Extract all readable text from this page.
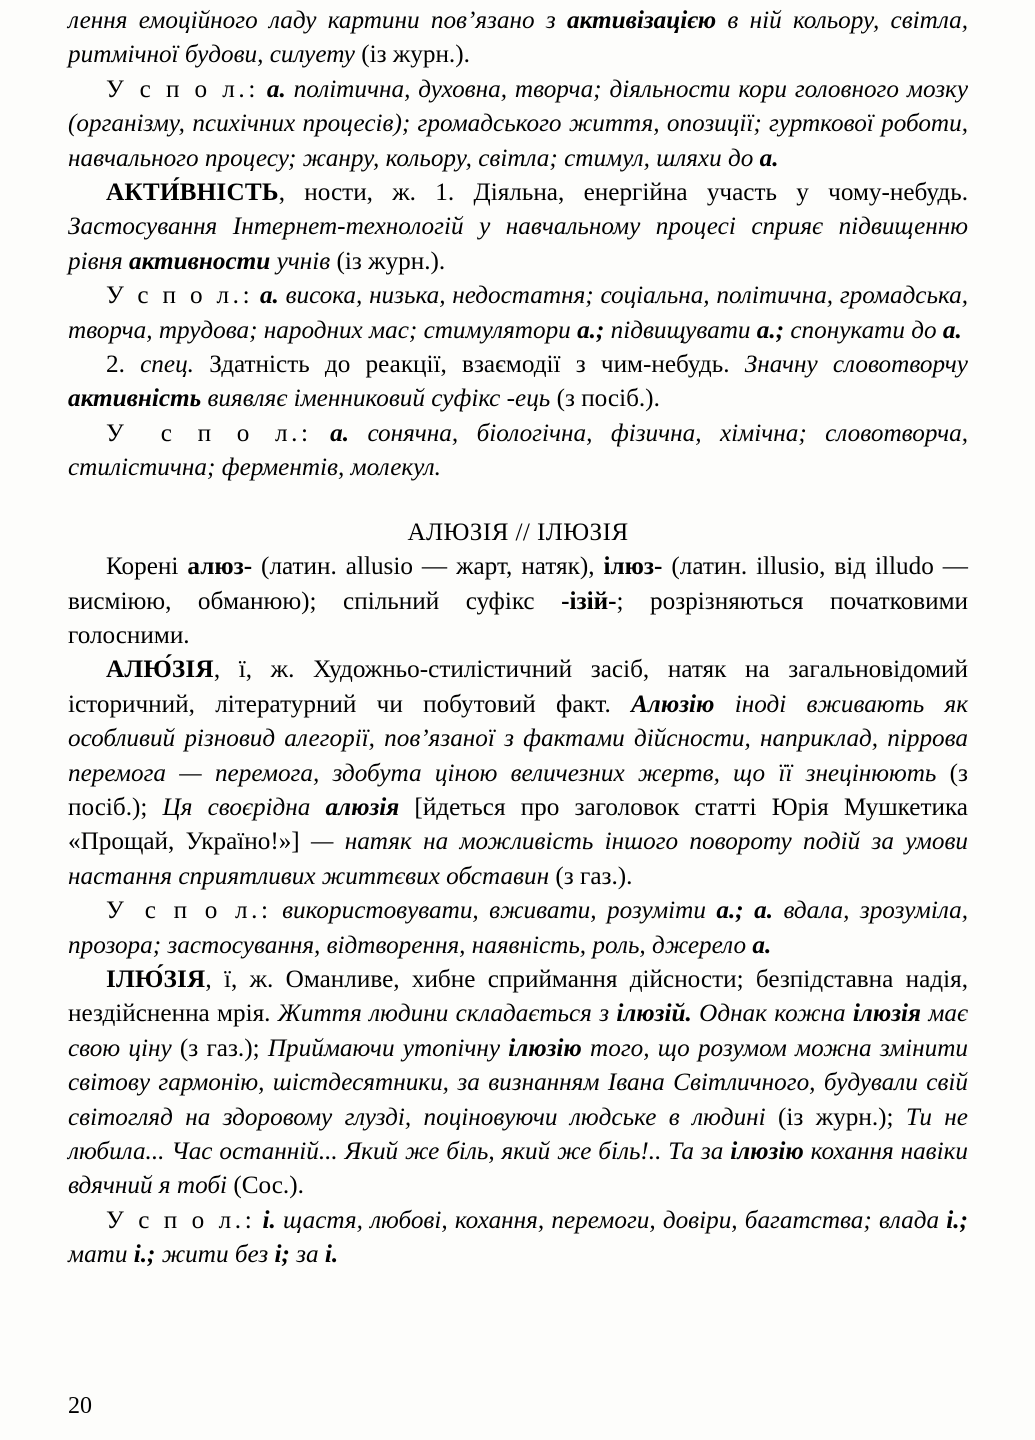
лення емоційного ладу картини пов’язано з активізацією в ній кольору, світла, ритмічної будови, силуету (із журн.).

У с п о л.: а. політична, духовна, творча; діяльности кори головного мозку (організму, психічних процесів); громадського життя, опозиції; гурткової роботи, навчального процесу; жанру, кольору, світла; стимул, шляхи до а.

АКТИ́ВНІСТЬ, ности, ж. 1. Діяльна, енергійна участь у чому-небудь. Застосування Інтернет-технологій у навчальному процесі сприяє підвищенню рівня активности учнів (із журн.).

У с п о л.: а. висока, низька, недостатня; соціальна, політична, громадська, творча, трудова; народних мас; стимулятори а.; підвищувати а.; спонукати до а.

2. спец. Здатність до реакції, взаємодії з чим-небудь. Значну словотворчу активність виявляє іменниковий суфікс -ець (з посіб.).

У с п о л.: а. сонячна, біологічна, фізична, хімічна; словотворча, стилістична; ферментів, молекул.

АЛЮЗІЯ // ІЛЮЗІЯ

Корені алюз- (латин. allusio — жарт, натяк), ілюз- (латин. illusio, від illudo — висміюю, обманюю); спільний суфікс -ізій-; розрізняються початковими голосними.

АЛЮ́ЗІЯ, ї, ж. Художньо-стилістичний засіб, натяк на загальновідомий історичний, літературний чи побутовий факт. Алюзію іноді вживають як особливий різновид алегорії, пов’язаної з фактами дійсности, наприклад, піррова перемога — перемога, здобута ціною величезних жертв, що її знецінюють (з посіб.); Ця своєрідна алюзія [йдеться про заголовок статті Юрія Мушкетика «Прощай, Україно!»] — натяк на можливість іншого повороту подій за умови настання сприятливих життєвих обставин (з газ.).

У с п о л.: використовувати, вживати, розуміти а.; а. вдала, зрозуміла, прозора; застосування, відтворення, наявність, роль, джерело а.

ІЛЮ́ЗІЯ, ї, ж. Оманливе, хибне сприймання дійсности; безпідставна надія, нездійсненна мрія. Життя людини складається з ілюзій. Однак кожна ілюзія має свою ціну (з газ.); Приймаючи утопічну ілюзію того, що розумом можна змінити світову гармонію, шістдесятники, за визнанням Івана Світличного, будували свій світогляд на здоровому глузді, поціновуючи людське в людині (із журн.); Ти не любила... Час останній... Який же біль, який же біль!.. Та за ілюзію кохання навіки вдячний я тобі (Сос.).

У с п о л.: і. щастя, любові, кохання, перемоги, довіри, багатства; влада і.; мати і.; жити без і; за і.

20
